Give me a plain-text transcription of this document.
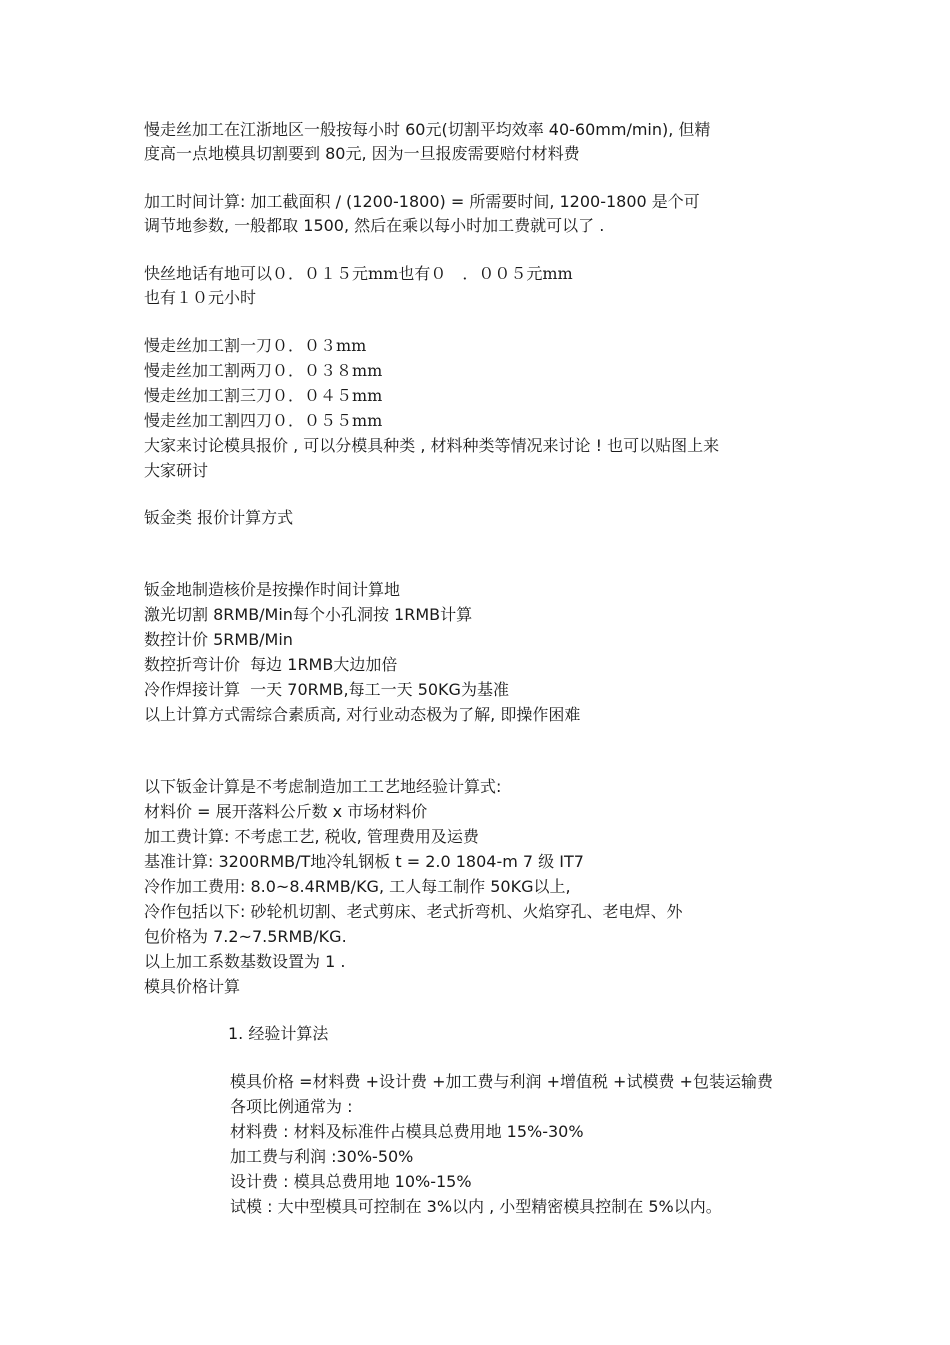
慢走丝加工在江浙地区一般按每小时 60元(切割平均效率 40-60mm/min), 但精
度高一点地模具切割要到 80元, 因为一旦报废需要赔付材料费
加工时间计算: 加工截面积 / (1200-1800) = 所需要时间, 1200-1800 是个可
调节地参数, 一般都取 1500, 然后在乘以每小时加工费就可以了 .
快丝地话有地可以０．０１５元mm也有０　．００５元mm
也有１０元小时
慢走丝加工割一刀０．０３mm
慢走丝加工割两刀０．０３８mm
慢走丝加工割三刀０．０４５mm
慢走丝加工割四刀０．０５５mm
大家来讨论模具报价 , 可以分模具种类 , 材料种类等情况来讨论 ! 也可以贴图上来
大家研讨
钣金类 报价计算方式
钣金地制造核价是按操作时间计算地
激光切割 8RMB/Min每个小孔洞按 1RMB计算
数控计价 5RMB/Min
数控折弯计价  每边 1RMB大边加倍
冷作焊接计算  一天 70RMB,每工一天 50KG为基准
以上计算方式需综合素质高, 对行业动态极为了解, 即操作困难
以下钣金计算是不考虑制造加工工艺地经验计算式:
材料价 = 展开落料公斤数 x 市场材料价
加工费计算: 不考虑工艺, 税收, 管理费用及运费
基准计算: 3200RMB/T地冷轧钢板 t = 2.0 1804-m 7 级 IT7
冷作加工费用: 8.0~8.4RMB/KG, 工人每工制作 50KG以上,
冷作包括以下: 砂轮机切割、老式剪床、老式折弯机、火焰穿孔、老电焊、外
包价格为 7.2~7.5RMB/KG.
以上加工系数基数设置为 1 .
模具价格计算
1. 经验计算法
模具价格 =材料费 +设计费 +加工费与利润 +增值税 +试模费 +包装运输费
各项比例通常为 :
材料费 : 材料及标准件占模具总费用地 15%-30%
加工费与利润 :30%-50%
设计费 : 模具总费用地 10%-15%
试模 : 大中型模具可控制在 3%以内 , 小型精密模具控制在 5%以内。
